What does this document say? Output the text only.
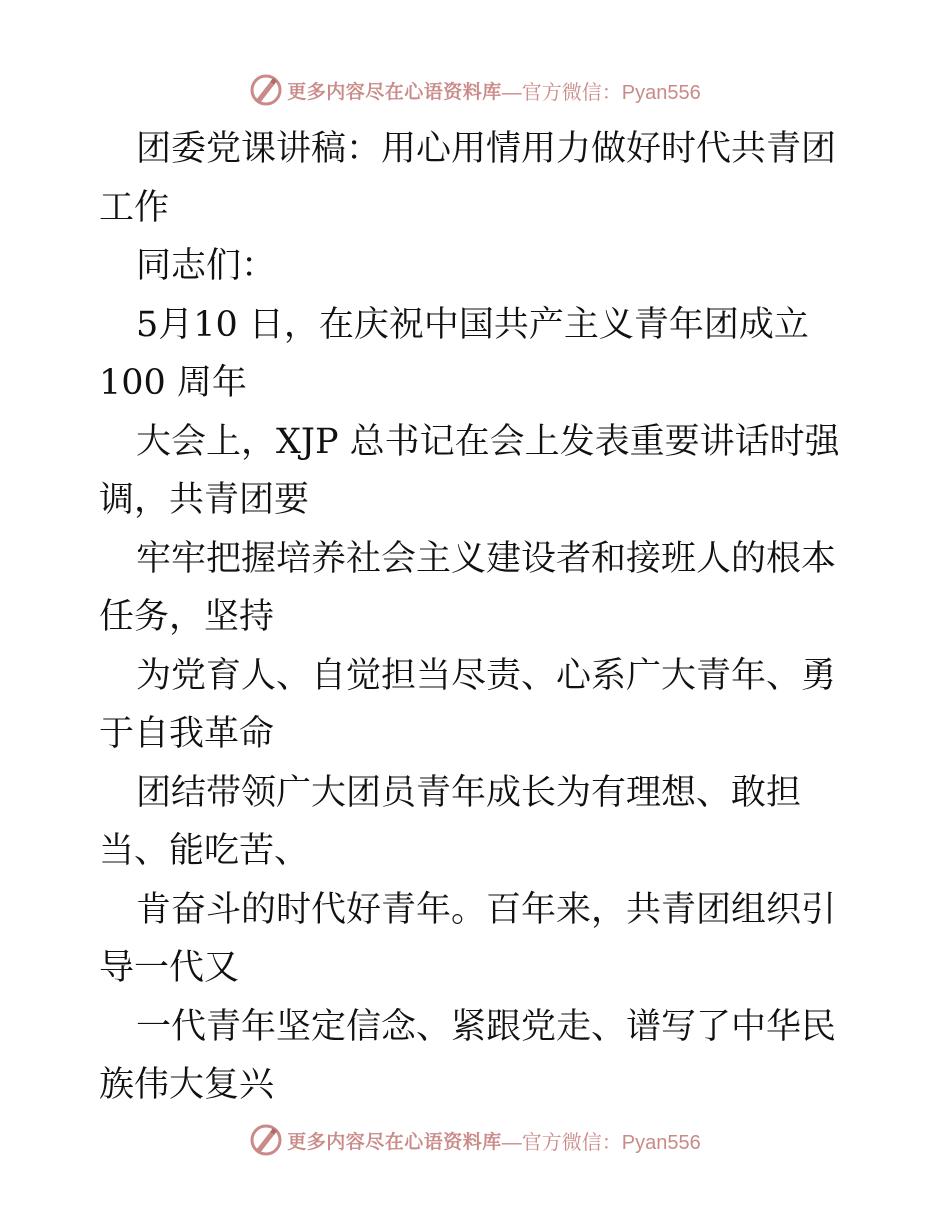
更多内容尽在心语资料库 —官方微信：Pyan556

团委党课讲稿：用心用情用力做好时代共青团工作

同志们：

5月10 日，在庆祝中国共产主义青年团成立100 周年

大会上，XJP 总书记在会上发表重要讲话时强调，共青团要

牢牢把握培养社会主义建设者和接班人的根本任务，坚持

为党育人、自觉担当尽责、心系广大青年、勇于自我革命

团结带领广大团员青年成长为有理想、敢担当、能吃苦、

肯奋斗的时代好青年。百年来，共青团组织引导一代又

一代青年坚定信念、紧跟党走、谱写了中华民族伟大复兴

更多内容尽在心语资料库 —官方微信：Pyan556
